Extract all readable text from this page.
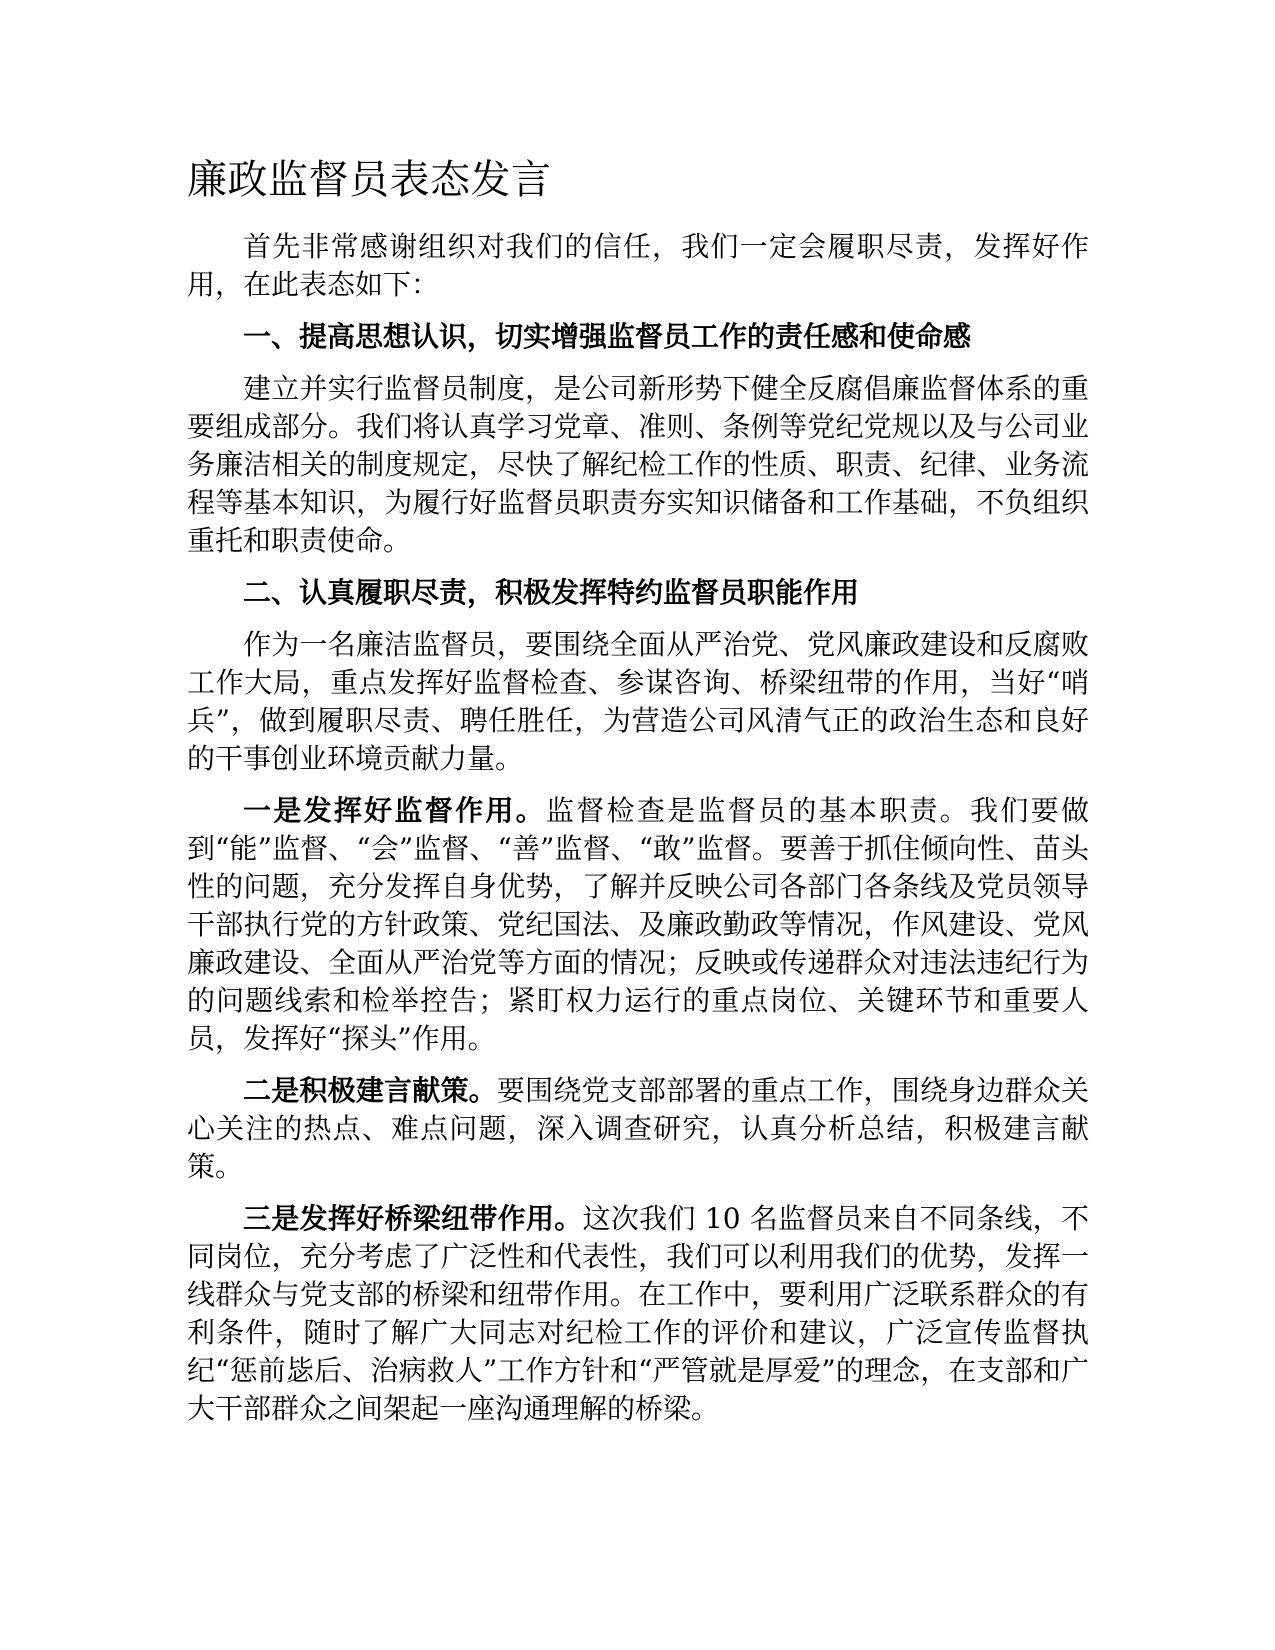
廉政监督员表态发言

首先非常感谢组织对我们的信任，我们一定会履职尽责，发挥好作用，在此表态如下：

一、提高思想认识，切实增强监督员工作的责任感和使命感

建立并实行监督员制度，是公司新形势下健全反腐倡廉监督体系的重要组成部分。我们将认真学习党章、准则、条例等党纪党规以及与公司业务廉洁相关的制度规定，尽快了解纪检工作的性质、职责、纪律、业务流程等基本知识，为履行好监督员职责夯实知识储备和工作基础，不负组织重托和职责使命。

二、认真履职尽责，积极发挥特约监督员职能作用

作为一名廉洁监督员，要围绕全面从严治党、党风廉政建设和反腐败工作大局，重点发挥好监督检查、参谋咨询、桥梁纽带的作用，当好“哨兵”，做到履职尽责、聘任胜任，为营造公司风清气正的政治生态和良好的干事创业环境贡献力量。

一是发挥好监督作用。监督检查是监督员的基本职责。我们要做到“能”监督、“会”监督、“善”监督、“敢”监督。要善于抓住倾向性、苗头性的问题，充分发挥自身优势，了解并反映公司各部门各条线及党员领导干部执行党的方针政策、党纪国法、及廉政勤政等情况，作风建设、党风廉政建设、全面从严治党等方面的情况；反映或传递群众对违法违纪行为的问题线索和检举控告；紧盯权力运行的重点岗位、关键环节和重要人员，发挥好“探头”作用。

二是积极建言献策。要围绕党支部部署的重点工作，围绕身边群众关心关注的热点、难点问题，深入调查研究，认真分析总结，积极建言献策。

三是发挥好桥梁纽带作用。这次我们 10 名监督员来自不同条线，不同岗位，充分考虑了广泛性和代表性，我们可以利用我们的优势，发挥一线群众与党支部的桥梁和纽带作用。在工作中，要利用广泛联系群众的有利条件，随时了解广大同志对纪检工作的评价和建议，广泛宣传监督执纪“惩前毖后、治病救人”工作方针和“严管就是厚爱”的理念，在支部和广大干部群众之间架起一座沟通理解的桥梁。
